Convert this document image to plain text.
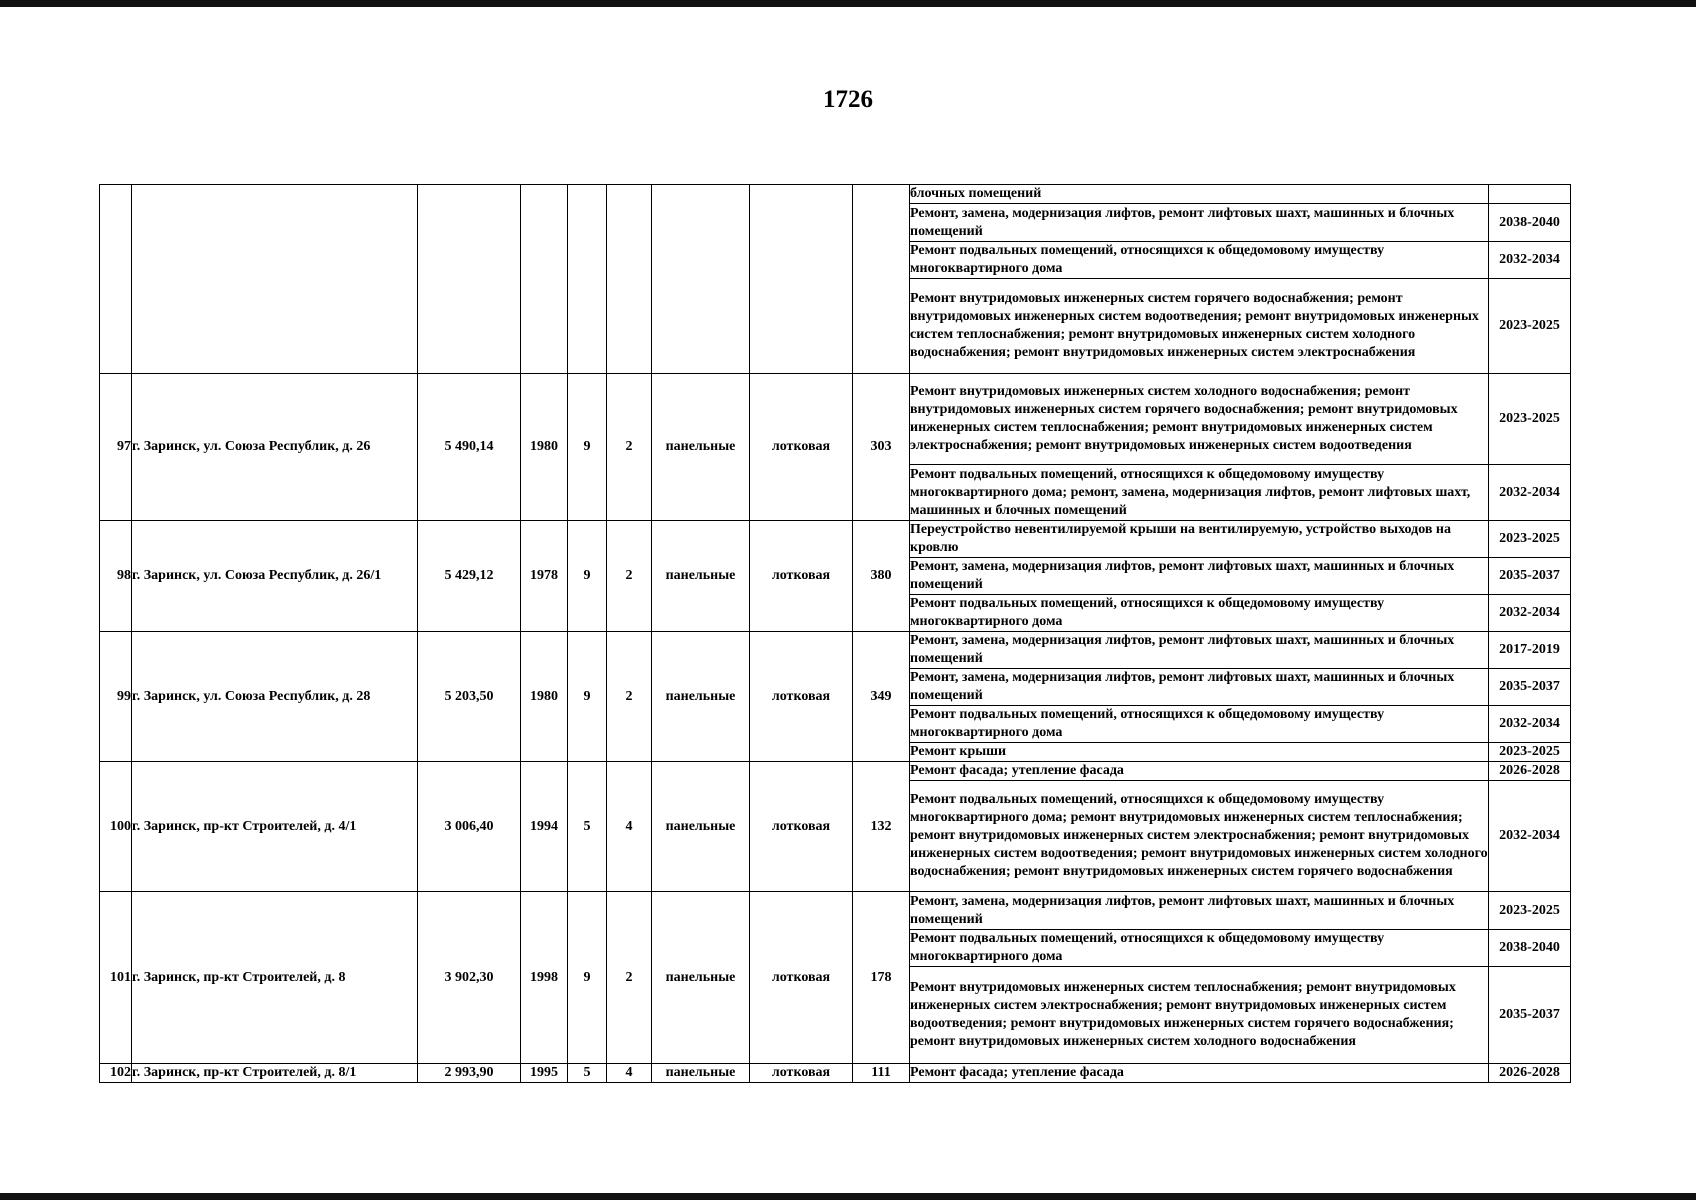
1726
									блочных помещений	
									Ремонт, замена, модернизация лифтов, ремонт лифтовых шахт, машинных и блочных помещений	2038-2040
									Ремонт подвальных помещений, относящихся к общедомовому имуществу многоквартирного дома	2032-2034
									Ремонт внутридомовых инженерных систем горячего водоснабжения; ремонт внутридомовых инженерных систем водоотведения; ремонт внутридомовых инженерных систем теплоснабжения; ремонт внутридомовых инженерных систем холодного водоснабжения; ремонт внутридомовых инженерных систем электроснабжения	2023-2025
97	г. Заринск, ул. Союза Республик, д. 26	5 490,14	1980	9	2	панельные	лотковая	303	Ремонт внутридомовых инженерных систем холодного водоснабжения; ремонт внутридомовых инженерных систем горячего водоснабжения; ремонт внутридомовых инженерных систем теплоснабжения; ремонт внутридомовых инженерных систем электроснабжения; ремонт внутридомовых инженерных систем водоотведения	2023-2025
									Ремонт подвальных помещений, относящихся к общедомовому имуществу многоквартирного дома; ремонт, замена, модернизация лифтов, ремонт лифтовых шахт, машинных и блочных помещений	2032-2034
98	г. Заринск, ул. Союза Республик, д. 26/1	5 429,12	1978	9	2	панельные	лотковая	380	Переустройство невентилируемой крыши на вентилируемую, устройство выходов на кровлю	2023-2025
									Ремонт, замена, модернизация лифтов, ремонт лифтовых шахт, машинных и блочных помещений	2035-2037
									Ремонт подвальных помещений, относящихся к общедомовому имуществу многоквартирного дома	2032-2034
99	г. Заринск, ул. Союза Республик, д. 28	5 203,50	1980	9	2	панельные	лотковая	349	Ремонт, замена, модернизация лифтов, ремонт лифтовых шахт, машинных и блочных помещений	2017-2019
									Ремонт, замена, модернизация лифтов, ремонт лифтовых шахт, машинных и блочных помещений	2035-2037
									Ремонт подвальных помещений, относящихся к общедомовому имуществу многоквартирного дома	2032-2034
									Ремонт крыши	2023-2025
100	г. Заринск, пр-кт Строителей, д. 4/1	3 006,40	1994	5	4	панельные	лотковая	132	Ремонт фасада; утепление фасада	2026-2028
									Ремонт подвальных помещений, относящихся к общедомовому имуществу многоквартирного дома; ремонт внутридомовых инженерных систем теплоснабжения; ремонт внутридомовых инженерных систем электроснабжения; ремонт внутридомовых инженерных систем водоотведения; ремонт внутридомовых инженерных систем холодного водоснабжения; ремонт внутридомовых инженерных систем горячего водоснабжения	2032-2034
101	г. Заринск, пр-кт Строителей, д. 8	3 902,30	1998	9	2	панельные	лотковая	178	Ремонт, замена, модернизация лифтов, ремонт лифтовых шахт, машинных и блочных помещений	2023-2025
									Ремонт подвальных помещений, относящихся к общедомовому имуществу многоквартирного дома	2038-2040
									Ремонт внутридомовых инженерных систем теплоснабжения; ремонт внутридомовых инженерных систем электроснабжения; ремонт внутридомовых инженерных систем водоотведения; ремонт внутридомовых инженерных систем горячего водоснабжения; ремонт внутридомовых инженерных систем холодного водоснабжения	2035-2037
102	г. Заринск, пр-кт Строителей, д. 8/1	2 993,90	1995	5	4	панельные	лотковая	111	Ремонт фасада; утепление фасада	2026-2028
